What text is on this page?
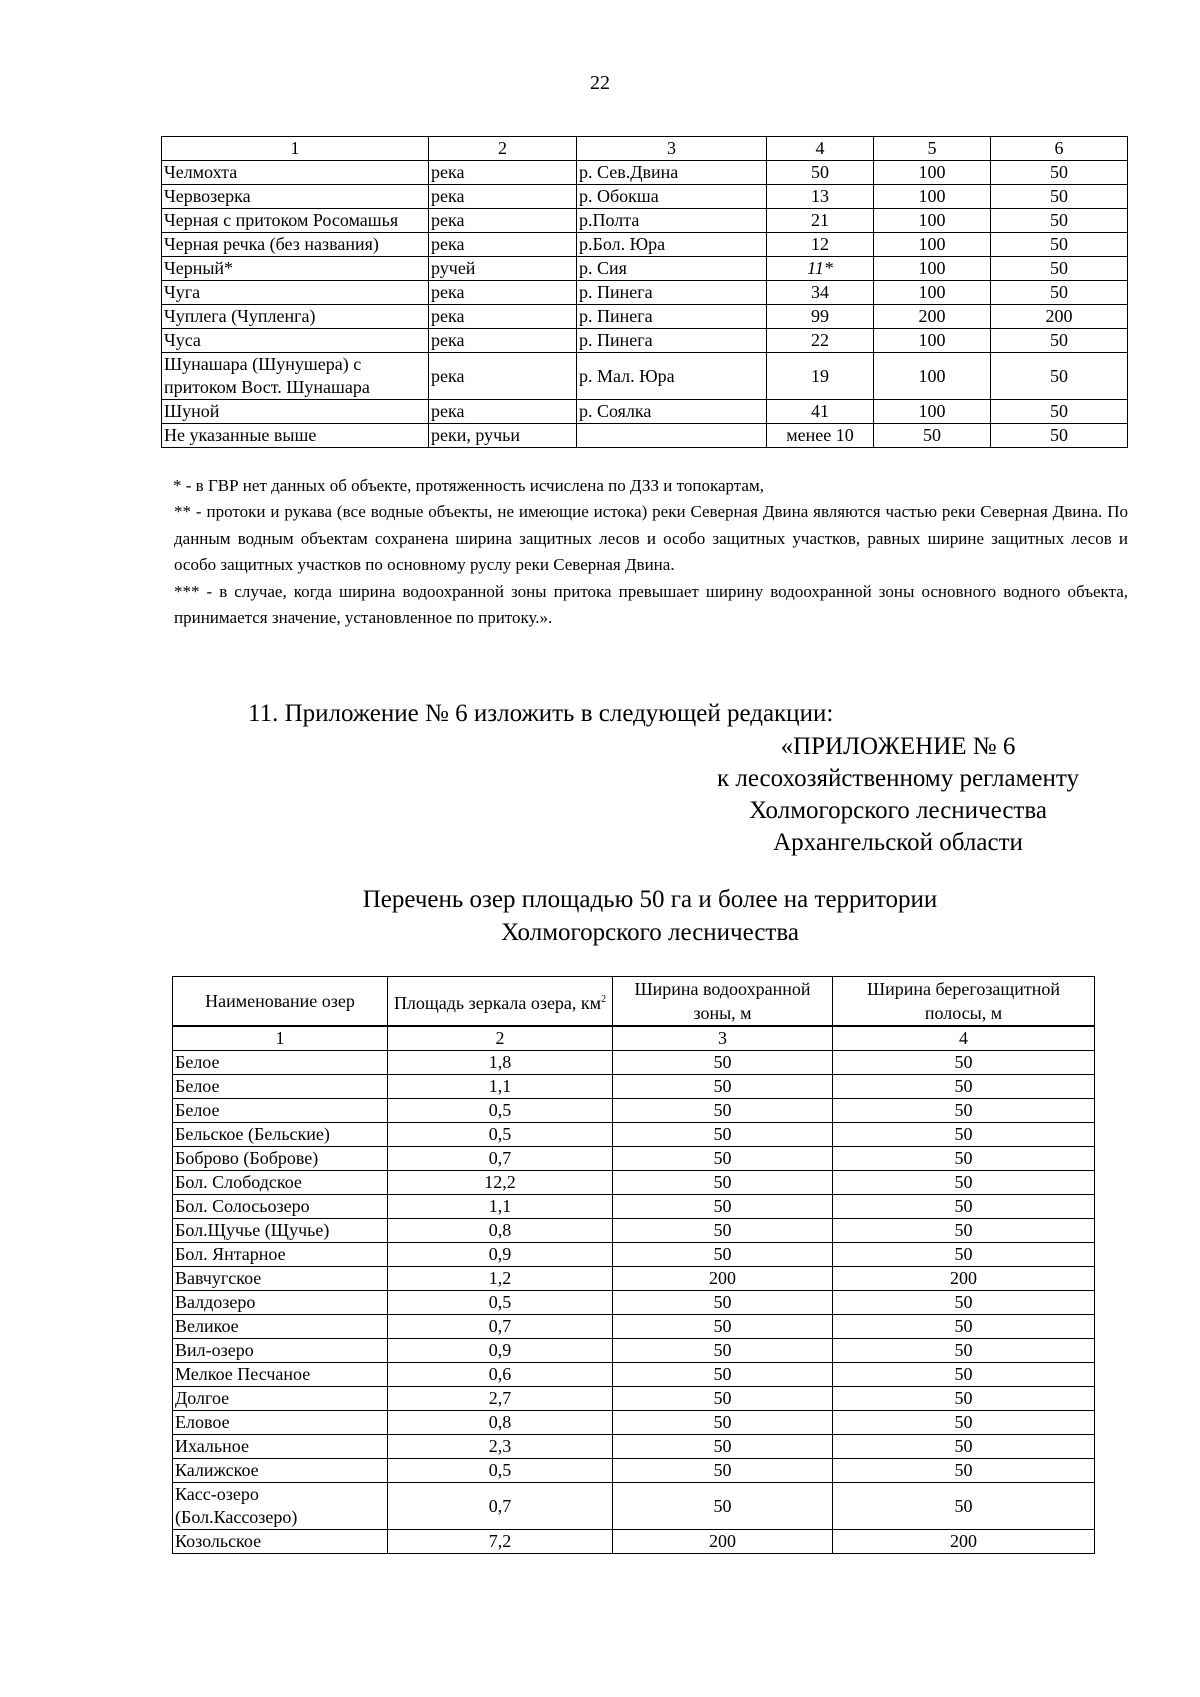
22
1	2	3	4	5	6
Челмохта	река	р. Сев.Двина	50	100	50
Червозерка	река	р. Обокша	13	100	50
Черная с притоком Росомашья	река	р.Полта	21	100	50
Черная речка (без названия)	река	р.Бол. Юра	12	100	50
Черный*	ручей	р. Сия	11*	100	50
Чуга	река	р. Пинега	34	100	50
Чуплега (Чупленга)	река	р. Пинега	99	200	200
Чуса	река	р. Пинега	22	100	50
Шунашара (Шунушера) с притоком Вост. Шунашара	река	р. Мал. Юра	19	100	50
Шуной	река	р. Соялка	41	100	50
Не указанные выше	реки, ручьи		менее 10	50	50

* - в ГВР нет данных об объекте, протяженность исчислена по ДЗЗ и топокартам,

** - протоки и рукава (все водные объекты, не имеющие истока) реки Северная Двина являются частью реки Северная Двина. По данным водным объектам сохранена ширина защитных лесов и особо защитных участков, равных ширине защитных лесов и особо защитных участков по основному руслу реки Северная Двина.

*** - в случае, когда ширина водоохранной зоны притока превышает ширину водоохранной зоны основного водного объекта, принимается значение, установленное по притоку.».

11. Приложение № 6 изложить в следующей редакции:
«ПРИЛОЖЕНИЕ № 6
к лесохозяйственному регламенту
Холмогорского лесничества
Архангельской области
Перечень озер площадью 50 га и более на территории
Холмогорского лесничества
Наименование озер	Площадь зеркала озера, $км^2$	Ширина водоохранной зоны, м	Ширина берегозащитной полосы, м
1	2	3	4
Белое	1,8	50	50
Белое	1,1	50	50
Белое	0,5	50	50
Бельское (Бельские)	0,5	50	50
Боброво (Боброве)	0,7	50	50
Бол. Слободское	12,2	50	50
Бол. Солосьозеро	1,1	50	50
Бол.Щучье (Щучье)	0,8	50	50
Бол. Янтарное	0,9	50	50
Вавчугское	1,2	200	200
Валдозеро	0,5	50	50
Великое	0,7	50	50
Вил-озеро	0,9	50	50
Мелкое Песчаное	0,6	50	50
Долгое	2,7	50	50
Еловое	0,8	50	50
Ихальное	2,3	50	50
Калижское	0,5	50	50
Касс-озеро (Бол.Кассозеро)	0,7	50	50
Козольское	7,2	200	200
